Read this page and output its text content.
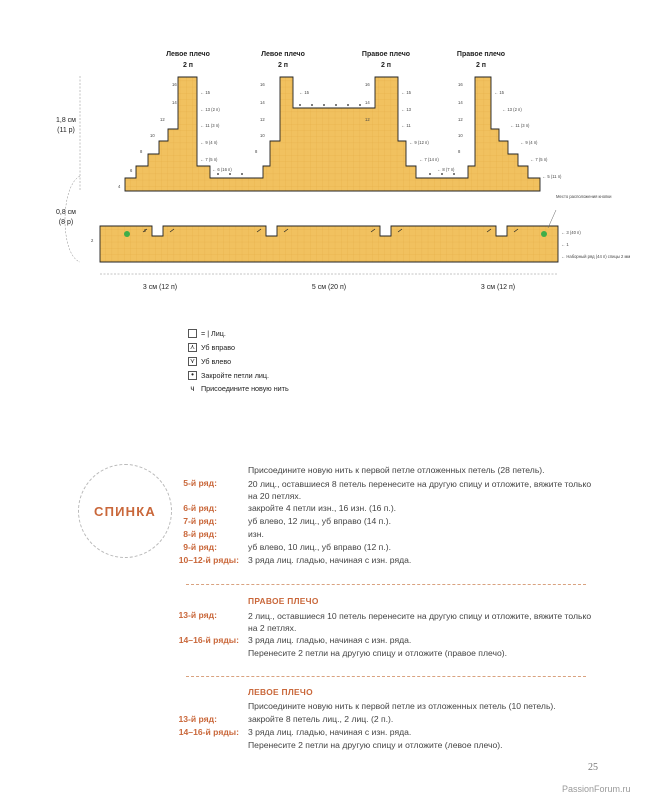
Левое плечо
2 п
Левое плечо
2 п
Правое плечо
2 п
Правое плечо
2 п
16
14
12
10
8
6
4
2
16
14
12
10
8
16
14
12
16
14
12
10
8
← 15
← 13 (2 п)
← 11 (3 п)
← 9 (4 п)
← 7 (5 п)
← 6 (16 п)
← 15	← 15
← 13
← 11
← 9 (12 п)
← 7 (14 п)
← 8 (7 п)
← 15
← 13 (2 п)
← 11 (3 п)
← 9 (4 п)
← 7 (5 п)
← 5 (11 п)
← 3 (40 п)
← 1
← Наборный ряд (44 п) спицы 2 мм
Место расположения кнопки
1,8 см
(11 р)
0,8 см
(8 р)
3 см (12 п)	5 см (20 п)	3 см (12 п)
= | Лиц.
⋏ Уб вправо
⋎ Уб влево
• Закройте петли лиц.
ч Присоедините новую нить
СПИНКА
Присоедините новую нить к первой петле отложенных петель (28 петель).
5-й ряд:	20 лиц., оставшиеся 8 петель перенесите на другую спицу и отложите, вяжите только на 20 петлях.
6-й ряд:	закройте 4 петли изн., 16 изн. (16 п.).
7-й ряд:	уб влево, 12 лиц., уб вправо (14 п.).
8-й ряд:	изн.
9-й ряд:	уб влево, 10 лиц., уб вправо (12 п.).
10–12-й ряды: 3 ряда лиц. гладью, начиная с изн. ряда.
ПРАВОЕ ПЛЕЧО
13-й ряд:	2 лиц., оставшиеся 10 петель перенесите на другую спицу и отложите, вяжите только на 2 петлях.
14–16-й ряды: 3 ряда лиц. гладью, начиная с изн. ряда.
Перенесите 2 петли на другую спицу и отложите (правое плечо).
ЛЕВОЕ ПЛЕЧО
Присоедините новую нить к первой петле из отложенных петель (10 петель).
13-й ряд:	закройте 8 петель лиц., 2 лиц. (2 п.).
14–16-й ряды: 3 ряда лиц. гладью, начиная с изн. ряда.
Перенесите 2 петли на другую спицу и отложите (левое плечо).
25
PassionForum.ru
